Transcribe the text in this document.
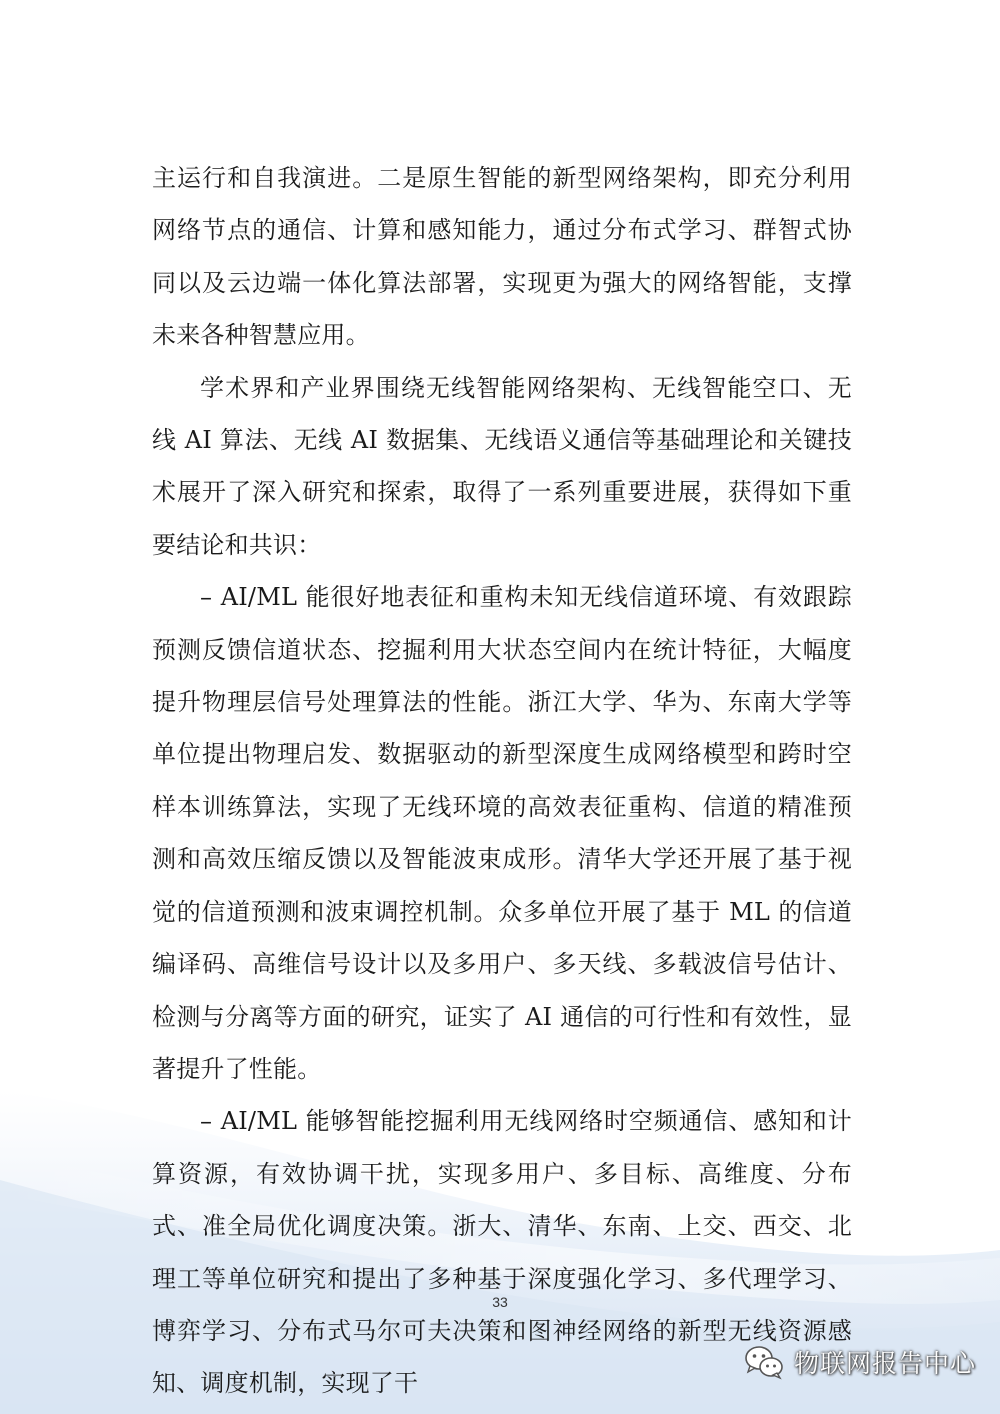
主运行和自我演进。二是原生智能的新型网络架构，即充分利用网络节点的通信、计算和感知能力，通过分布式学习、群智式协同以及云边端一体化算法部署，实现更为强大的网络智能，支撑未来各种智慧应用。

学术界和产业界围绕无线智能网络架构、无线智能空口、无线 AI 算法、无线 AI 数据集、无线语义通信等基础理论和关键技术展开了深入研究和探索，取得了一系列重要进展，获得如下重要结论和共识：

– AI/ML 能很好地表征和重构未知无线信道环境、有效跟踪预测反馈信道状态、挖掘利用大状态空间内在统计特征，大幅度提升物理层信号处理算法的性能。浙江大学、华为、东南大学等单位提出物理启发、数据驱动的新型深度生成网络模型和跨时空样本训练算法，实现了无线环境的高效表征重构、信道的精准预测和高效压缩反馈以及智能波束成形。清华大学还开展了基于视觉的信道预测和波束调控机制。众多单位开展了基于 ML 的信道编译码、高维信号设计以及多用户、多天线、多载波信号估计、检测与分离等方面的研究，证实了 AI 通信的可行性和有效性，显著提升了性能。

– AI/ML 能够智能挖掘利用无线网络时空频通信、感知和计算资源，有效协调干扰，实现多用户、多目标、高维度、分布式、准全局优化调度决策。浙大、清华、东南、上交、西交、北理工等单位研究和提出了多种基于深度强化学习、多代理学习、博弈学习、分布式马尔可夫决策和图神经网络的新型无线资源感知、调度机制，实现了干

33
物联网报告中心
